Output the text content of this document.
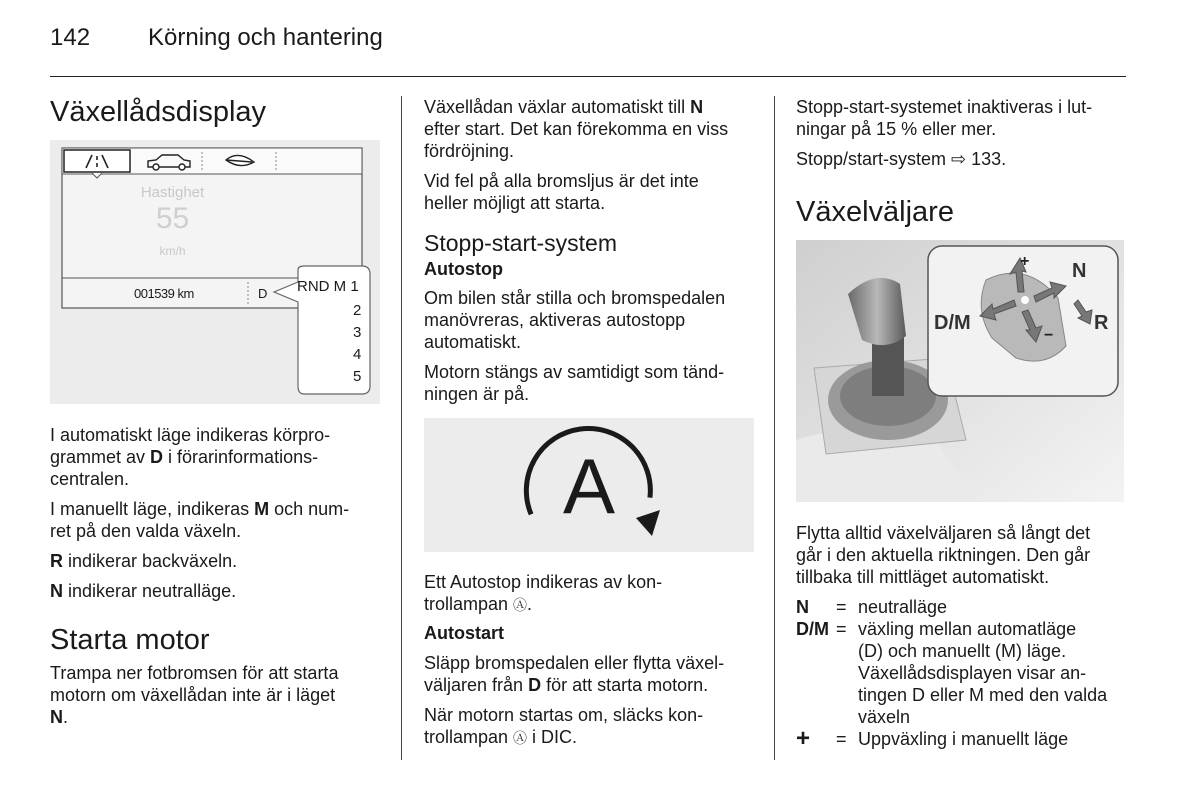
142 Körning och hantering
Växellådsdisplay
Hastighet
55
km/h
001539 km	D RND M 1
2
3
4
5

I automatiskt läge indikeras körpro-
grammet av D i förarinformations-
centralen.

I manuellt läge, indikeras M och num-
ret på den valda växeln.

R indikerar backväxeln.

N indikerar neutralläge.

Starta motor

Trampa ner fotbromsen för att starta
motorn om växellådan inte är i läget
N.

Växellådan växlar automatiskt till N
efter start. Det kan förekomma en viss
fördröjning.

Vid fel på alla bromsljus är det inte
heller möjligt att starta.

Stopp-start-system
Autostop

Om bilen står stilla och bromspedalen
manövreras, aktiveras autostopp
automatiskt.

Motorn stängs av samtidigt som tänd-
ningen är på.

A

Ett Autostop indikeras av kon-
trollampan Ⓐ.

Autostart

Släpp bromspedalen eller flytta växel-
väljaren från D för att starta motorn.

När motorn startas om, släcks kon-
trollampan Ⓐ i DIC.

Stopp-start-systemet inaktiveras i lut-
ningar på 15 % eller mer.

Stopp/start-system ⇨ 133.

Växelväljare
+
−
D/M
N
R

Flytta alltid växelväljaren så långt det
går i den aktuella riktningen. Den går
tillbaka till mittläget automatiskt.

N	=	neutralläge
D/M	=	växling mellan automatläge
(D) och manuellt (M) läge.
Växellådsdisplayen visar an-
tingen D eller M med den valda
växeln

+	=	Uppväxling i manuellt läge
